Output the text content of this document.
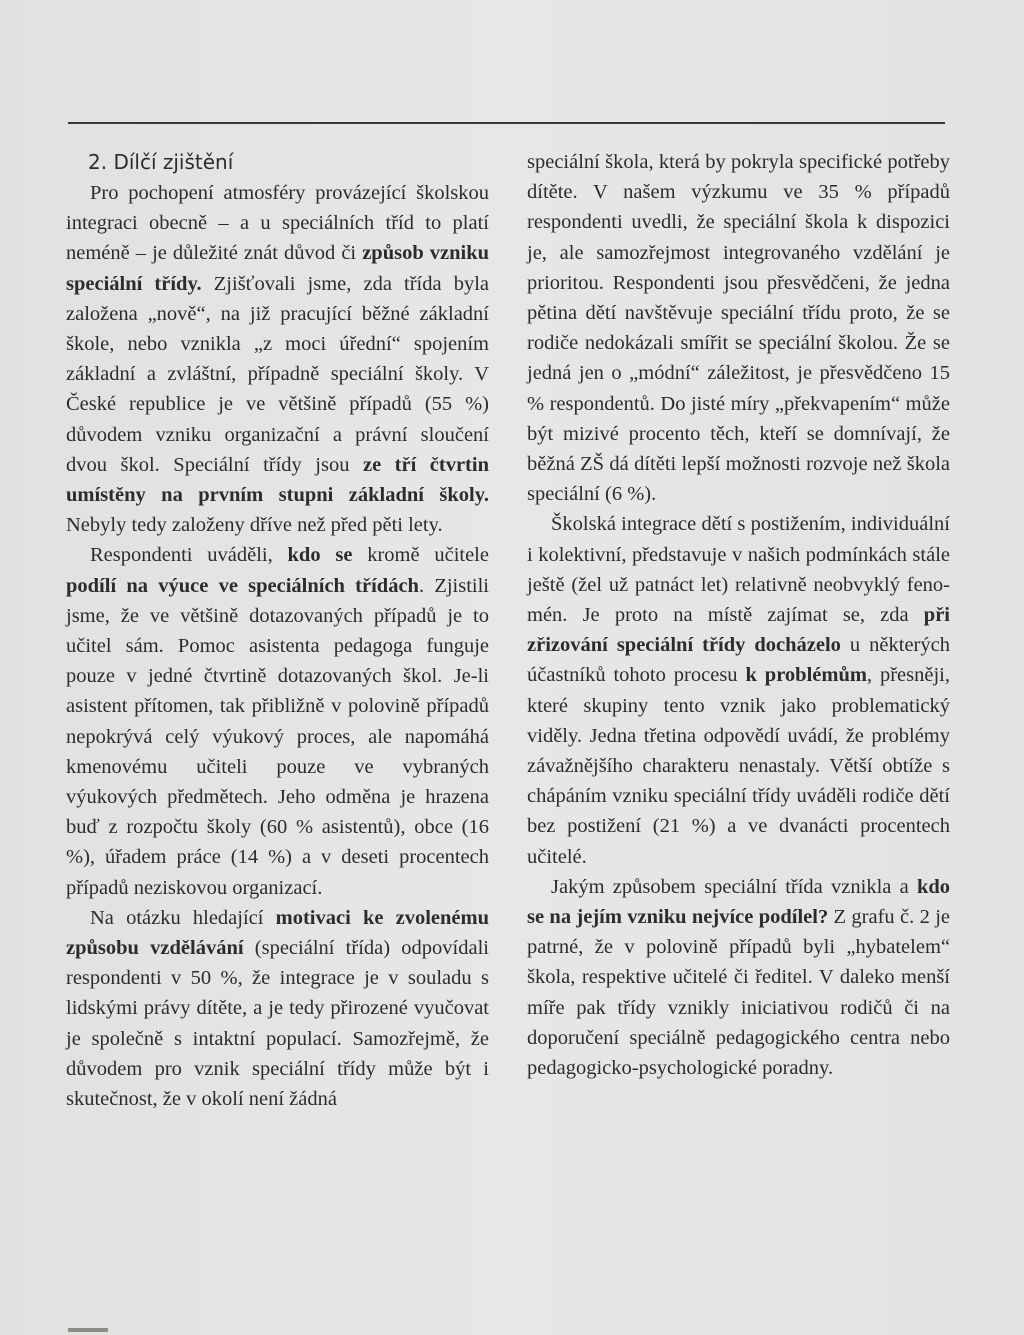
2. Dílčí zjištění

Pro pochopení atmosféry provázející školskou integraci obecně – a u speciálních tříd to platí neméně – je důležité znát důvod či způsob vzniku speciální třídy. Zjišťovali jsme, zda třída byla založena „nově“, na již pracující běžné základní škole, nebo vznikla „z moci úřední“ spojením základní a zvláštní, případně speciální školy. V České republice je ve většině případů (55 %) důvodem vzniku organizační a právní sloučení dvou škol. Speciální třídy jsou ze tří čtvrtin umístěny na prvním stupni základní školy. Nebyly tedy založeny dříve než před pěti lety.

Respondenti uváděli, kdo se kromě učitele podílí na výuce ve speciálních třídách. Zjistili jsme, že ve většině dotazovaných případů je to učitel sám. Pomoc asistenta pedagoga funguje pouze v jedné čtvrtině dotazovaných škol. Je-li asistent přítomen, tak přibližně v polovině případů nepokrývá celý výukový proces, ale napomáhá kmenovému učiteli pouze ve vybraných výukových předmětech. Jeho odměna je hrazena buď z rozpočtu školy (60 % asistentů), obce (16 %), úřadem práce (14 %) a v deseti procentech případů neziskovou organizací.

Na otázku hledající motivaci ke zvolenému způsobu vzdělávání (speciální třída) odpovídali respondenti v 50 %, že integrace je v souladu s lidskými právy dítěte, a je tedy přirozené vyučovat je společně s intaktní populací. Samozřejmě, že důvodem pro vznik speciální třídy může být i skutečnost, že v okolí není žádná

speciální škola, která by pokryla specifické potřeby dítěte. V našem výzkumu ve 35 % případů respondenti uvedli, že speciální škola k dispozici je, ale samozřejmost integrovaného vzdělání je prioritou. Respondenti jsou přesvědčeni, že jedna pětina dětí navštěvuje speciální třídu proto, že se rodiče nedokázali smířit se speciální školou. Že se jedná jen o „módní“ záležitost, je přesvědčeno 15 % respondentů. Do jisté míry „překvapením“ může být mizivé procento těch, kteří se domnívají, že běžná ZŠ dá dítěti lepší možnosti rozvoje než škola speciální (6 %).

Školská integrace dětí s postižením, individuální i kolektivní, představuje v našich podmínkách stále ještě (žel už patnáct let) relativně neobvyklý fenomén. Je proto na místě zajímat se, zda při zřizování speciální třídy docházelo u některých účastníků tohoto procesu k problémům, přesněji, které skupiny tento vznik jako problematický viděly. Jedna třetina odpovědí uvádí, že problémy závažnějšího charakteru nenastaly. Větší obtíže s chápáním vzniku speciální třídy uváděli rodiče dětí bez postižení (21 %) a ve dvanácti procentech učitelé.

Jakým způsobem speciální třída vznikla a kdo se na jejím vzniku nejvíce podílel? Z grafu č. 2 je patrné, že v polovině případů byli „hybatelem“ škola, respektive učitelé či ředitel. V daleko menší míře pak třídy vznikly iniciativou rodičů či na doporučení speciálně pedagogického centra nebo pedagogicko-psychologické poradny.
